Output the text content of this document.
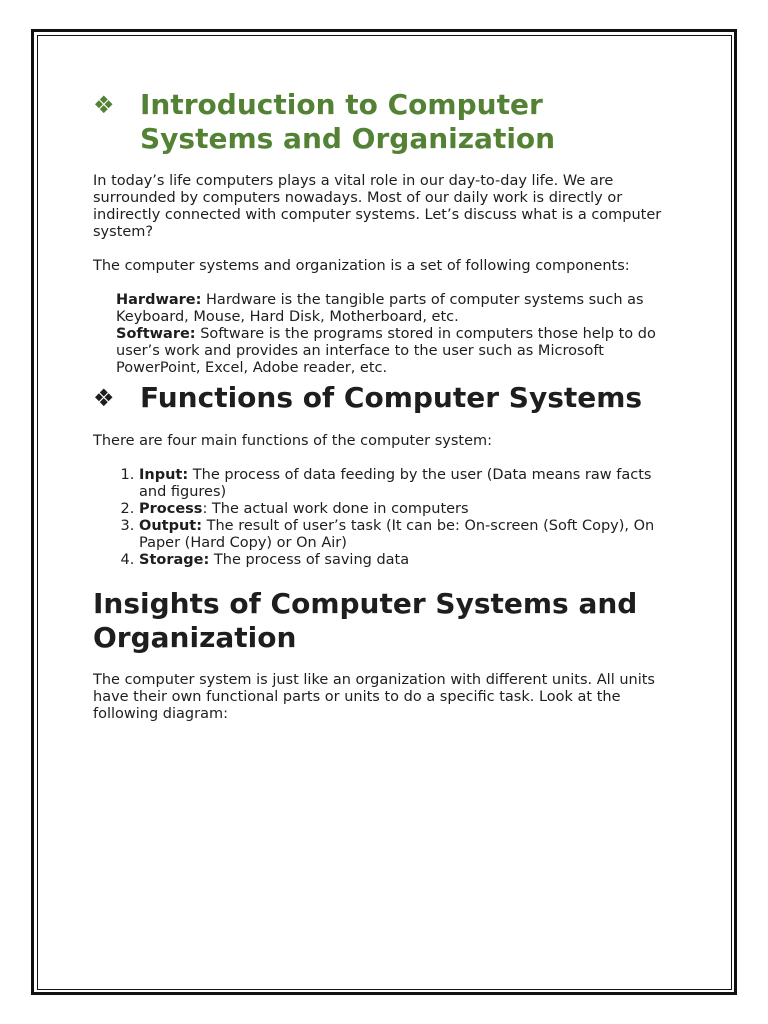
❖ Introduction to Computer Systems and Organization

In today’s life computers plays a vital role in our day-to-day life. We are surrounded by computers nowadays. Most of our daily work is directly or indirectly connected with computer systems. Let’s discuss what is a computer system?

The computer systems and organization is a set of following components:

Hardware: Hardware is the tangible parts of computer systems such as Keyboard, Mouse, Hard Disk, Motherboard, etc.
Software: Software is the programs stored in computers those help to do user’s work and provides an interface to the user such as Microsoft PowerPoint, Excel, Adobe reader, etc.
❖ Functions of Computer Systems

There are four main functions of the computer system:

1. Input: The process of data feeding by the user (Data means raw facts and figures)
2. Process: The actual work done in computers
3. Output: The result of user’s task (It can be: On-screen (Soft Copy), On Paper (Hard Copy) or On Air)
4. Storage: The process of saving data
Insights of Computer Systems and Organization

The computer system is just like an organization with different units. All units have their own functional parts or units to do a specific task. Look at the following diagram:
